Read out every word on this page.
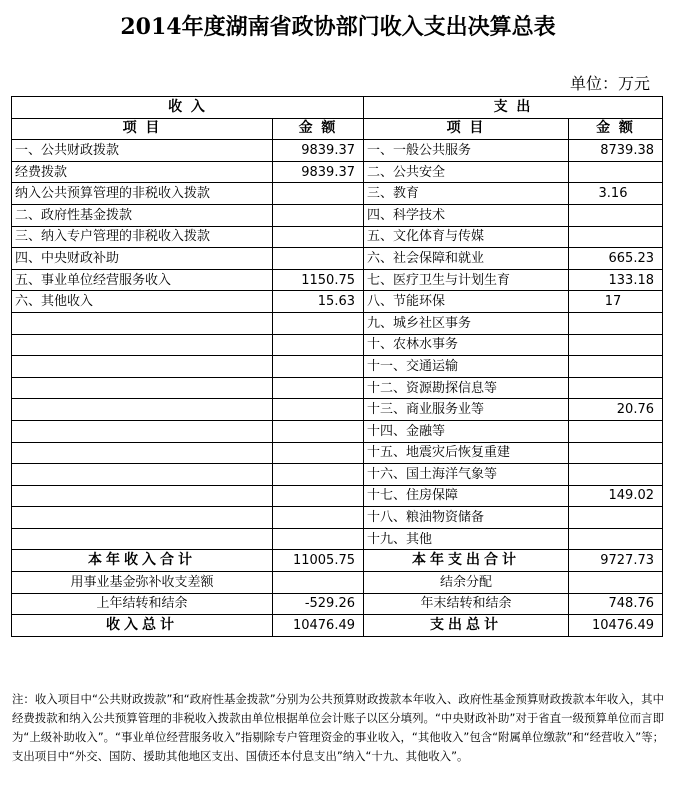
2014年度湖南省政协部门收入支出决算总表
单位：万元
收 入		支 出	
项 目	金 额	项 目	金 额
一、公共财政拨款	9839.37	一、一般公共服务	8739.38
经费拨款	9839.37	二、公共安全	
纳入公共预算管理的非税收入拨款		三、教育	3.16
二、政府性基金拨款		四、科学技术	
三、纳入专户管理的非税收入拨款		五、文化体育与传媒	
四、中央财政补助		六、社会保障和就业	665.23
五、事业单位经营服务收入	1150.75	七、医疗卫生与计划生育	133.18
六、其他收入	15.63	八、节能环保	17
		九、城乡社区事务	
		十、农林水事务	
		十一、交通运输	
		十二、资源勘探信息等	
		十三、商业服务业等	20.76
		十四、金融等	
		十五、地震灾后恢复重建	
		十六、国土海洋气象等	
		十七、住房保障	149.02
		十八、粮油物资储备	
		十九、其他	
本年收入合计	11005.75	本年支出合计	9727.73
用事业基金弥补收支差额		结余分配	
上年结转和结余	-529.26	年末结转和结余	748.76
收入总计	10476.49	支出总计	10476.49
注：收入项目中“公共财政拨款”和“政府性基金拨款”分别为公共预算财政拨款本年收入、政府性基金预算财政拨款本年收入，其中经费拨款和纳入公共预算管理的非税收入拨款由单位根据单位会计账子以区分填列。“中央财政补助”对于省直一级预算单位而言即为“上级补助收入”。“事业单位经营服务收入”指剔除专户管理资金的事业收入，“其他收入”包含“附属单位缴款”和“经营收入”等；支出项目中“外交、国防、援助其他地区支出、国债还本付息支出”纳入“十九、其他收入”。
